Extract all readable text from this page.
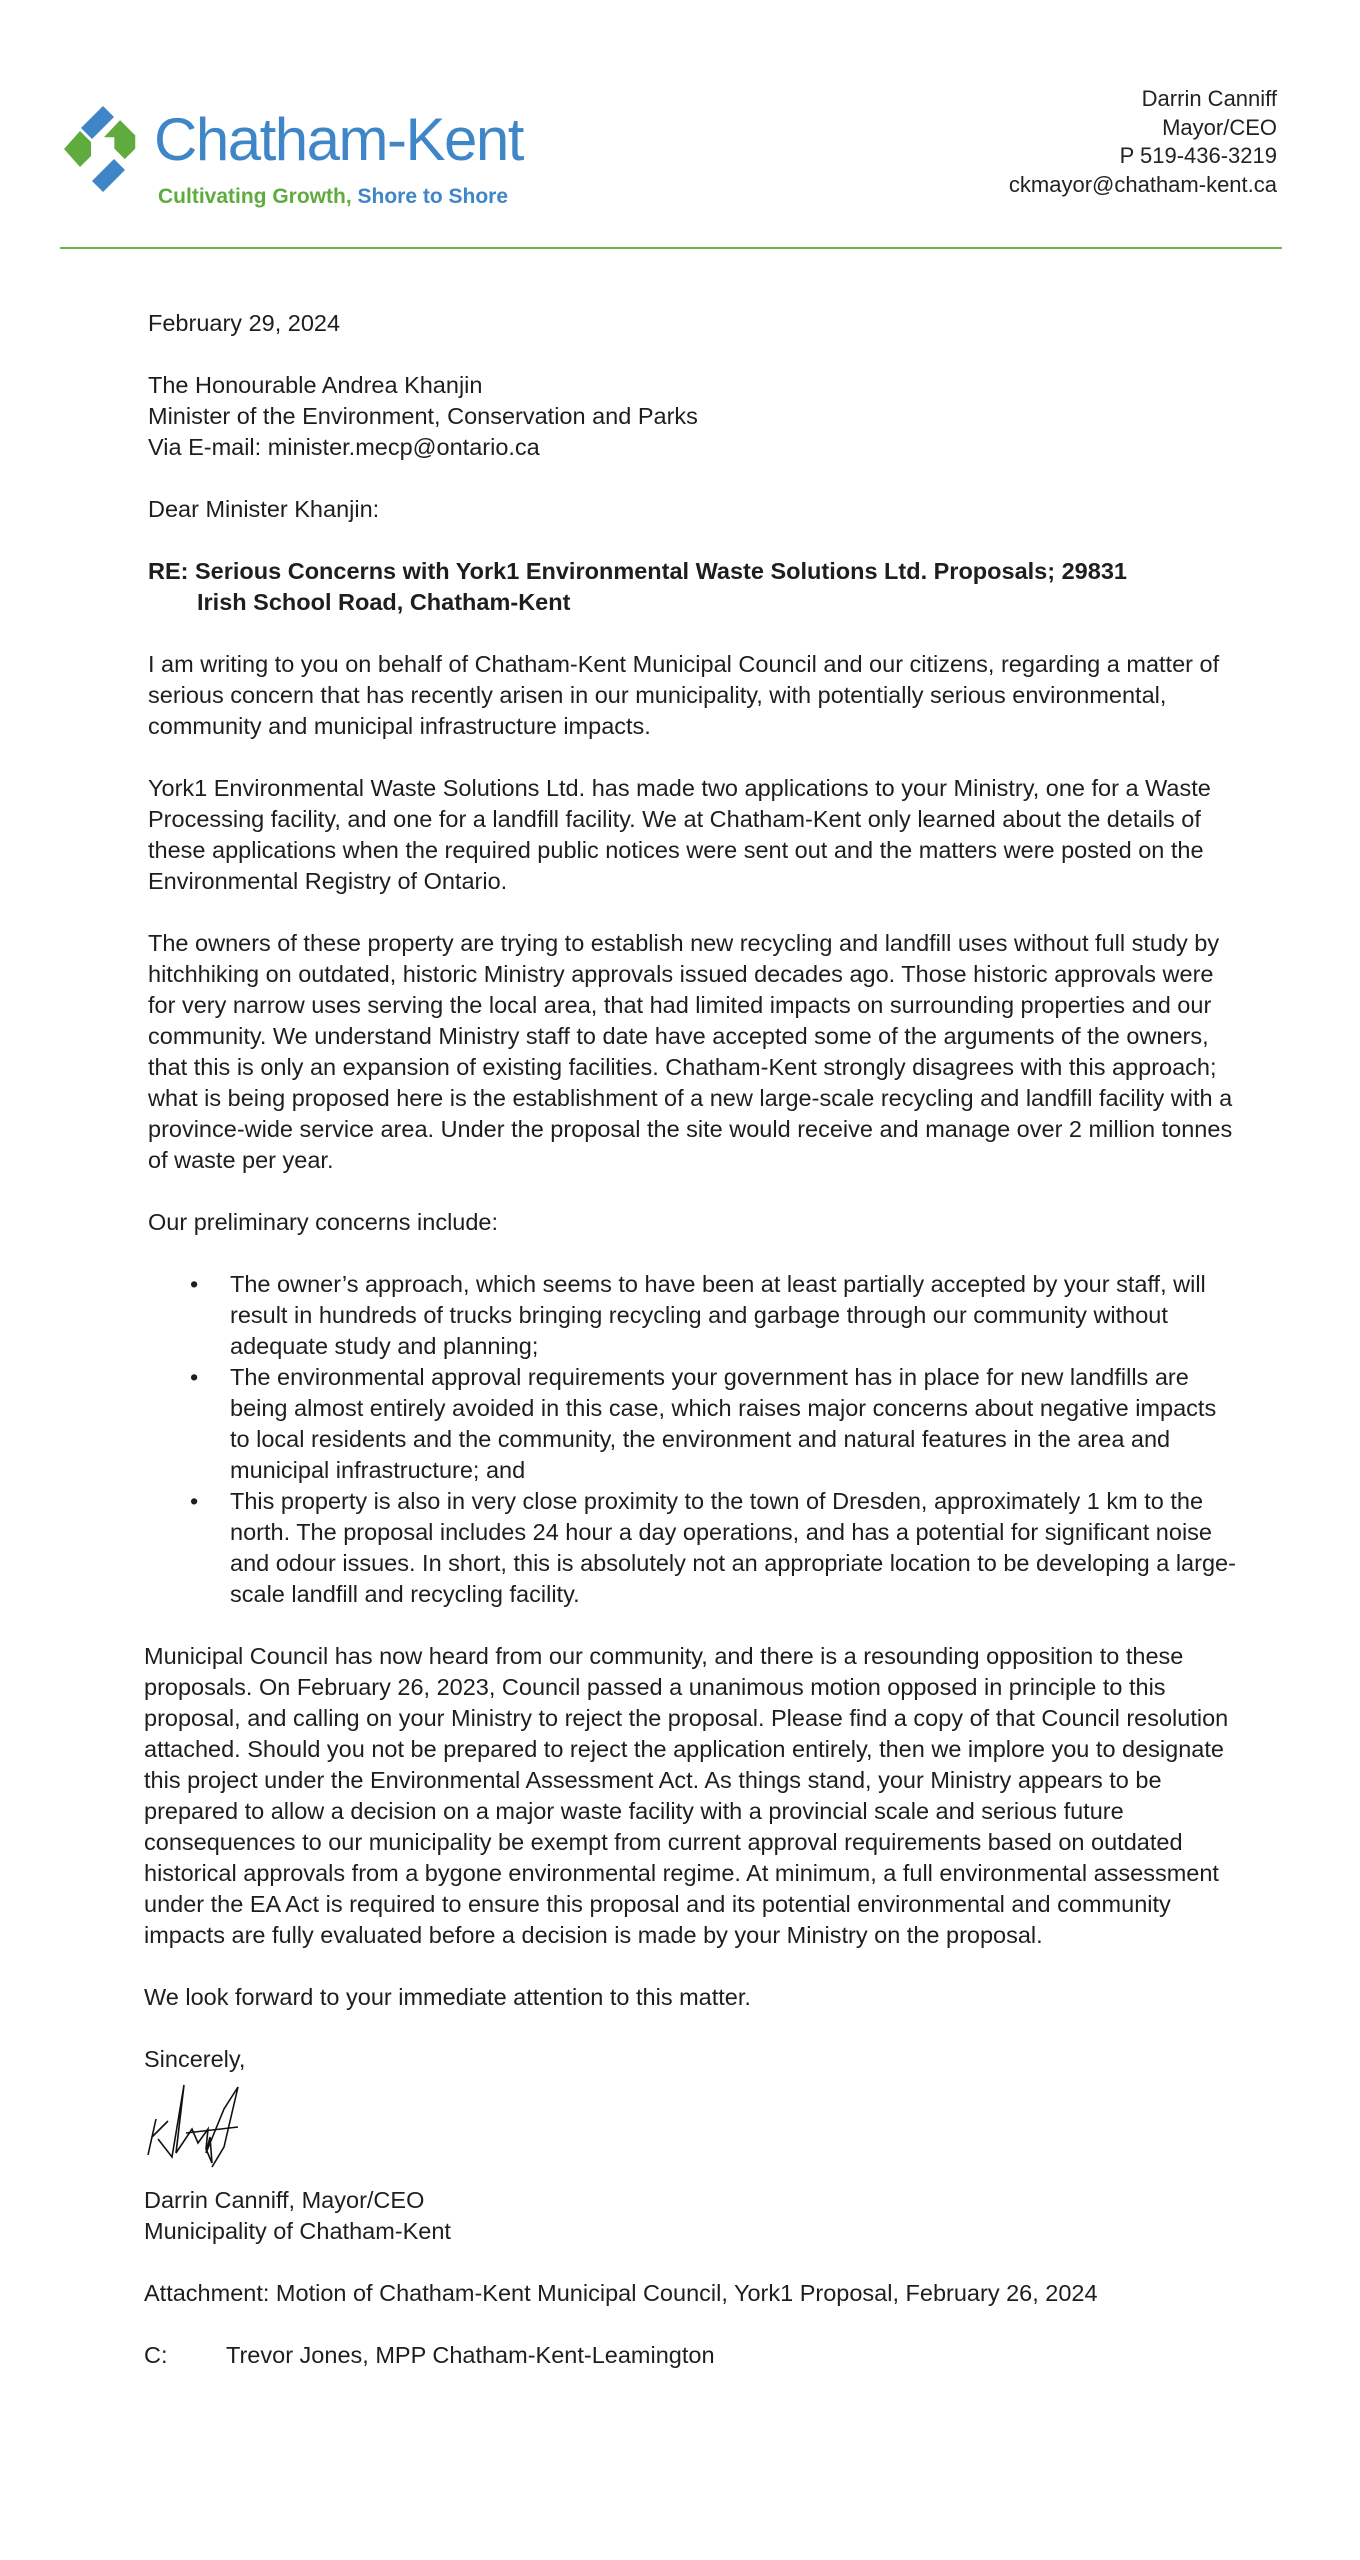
Chatham-Kent
Cultivating Growth, Shore to Shore
Darrin Canniff
Mayor/CEO
P 519-436-3219
ckmayor@chatham-kent.ca

February 29, 2024

The Honourable Andrea Khanjin

Minister of the Environment, Conservation and Parks

Via E-mail: minister.mecp@ontario.ca

Dear Minister Khanjin:

RE: Serious Concerns with York1 Environmental Waste Solutions Ltd. Proposals; 29831
Irish School Road, Chatham-Kent

I am writing to you on behalf of Chatham-Kent Municipal Council and our citizens, regarding a matter of serious concern that has recently arisen in our municipality, with potentially serious environmental, community and municipal infrastructure impacts.

York1 Environmental Waste Solutions Ltd. has made two applications to your Ministry, one for a Waste Processing facility, and one for a landfill facility. We at Chatham-Kent only learned about the details of these applications when the required public notices were sent out and the matters were posted on the Environmental Registry of Ontario.

The owners of these property are trying to establish new recycling and landfill uses without full study by hitchhiking on outdated, historic Ministry approvals issued decades ago. Those historic approvals were for very narrow uses serving the local area, that had limited impacts on surrounding properties and our community. We understand Ministry staff to date have accepted some of the arguments of the owners, that this is only an expansion of existing facilities. Chatham-Kent strongly disagrees with this approach; what is being proposed here is the establishment of a new large-scale recycling and landfill facility with a province-wide service area. Under the proposal the site would receive and manage over 2 million tonnes of waste per year.

Our preliminary concerns include:

• The owner’s approach, which seems to have been at least partially accepted by your staff, will result in hundreds of trucks bringing recycling and garbage through our community without adequate study and planning;
• The environmental approval requirements your government has in place for new landfills are being almost entirely avoided in this case, which raises major concerns about negative impacts to local residents and the community, the environment and natural features in the area and municipal infrastructure; and
• This property is also in very close proximity to the town of Dresden, approximately 1 km to the north. The proposal includes 24 hour a day operations, and has a potential for significant noise and odour issues. In short, this is absolutely not an appropriate location to be developing a large-scale landfill and recycling facility.

Municipal Council has now heard from our community, and there is a resounding opposition to these proposals. On February 26, 2023, Council passed a unanimous motion opposed in principle to this proposal, and calling on your Ministry to reject the proposal. Please find a copy of that Council resolution attached. Should you not be prepared to reject the application entirely, then we implore you to designate this project under the Environmental Assessment Act. As things stand, your Ministry appears to be prepared to allow a decision on a major waste facility with a provincial scale and serious future consequences to our municipality be exempt from current approval requirements based on outdated historical approvals from a bygone environmental regime. At minimum, a full environmental assessment under the EA Act is required to ensure this proposal and its potential environmental and community impacts are fully evaluated before a decision is made by your Ministry on the proposal.

We look forward to your immediate attention to this matter.

Sincerely,

Darrin Canniff, Mayor/CEO

Municipality of Chatham-Kent

Attachment: Motion of Chatham-Kent Municipal Council, York1 Proposal, February 26, 2024

C:	Trevor Jones, MPP Chatham-Kent-Leamington
